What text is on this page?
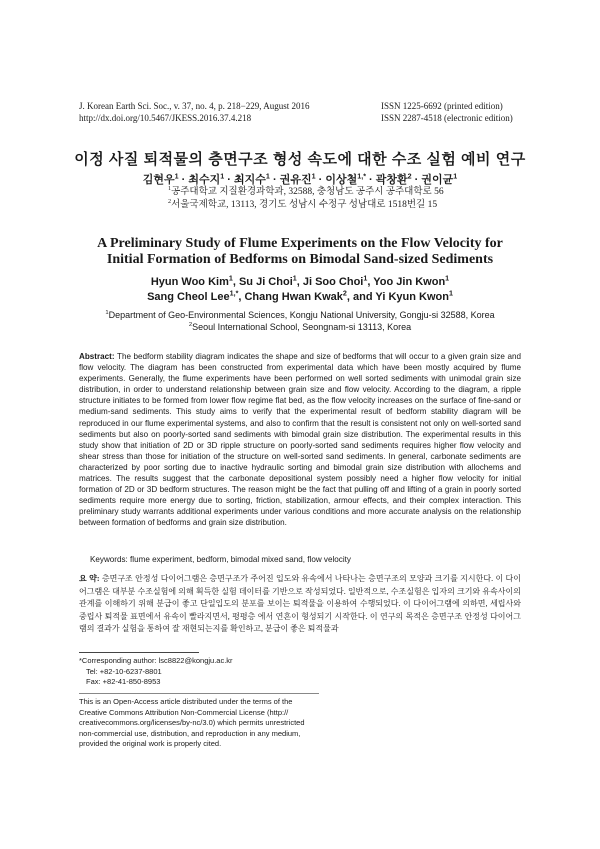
J. Korean Earth Sci. Soc., v. 37, no. 4, p. 218−229, August 2016
http://dx.doi.org/10.5467/JKESS.2016.37.4.218
ISSN 1225-6692 (printed edition)
ISSN 2287-4518 (electronic edition)
이정 사질 퇴적물의 층면구조 형성 속도에 대한 수조 실험 예비 연구
김현우$^1$ · 최수지$^1$ · 최지수$^1$ · 권유진$^1$ · 이상철$^{1,*}$ · 곽창환$^2$ · 권이균$^1$
$^1$공주대학교 지질환경과학과, 32588, 충청남도 공주시 공주대학로 56
$^2$서울국제학교, 13113, 경기도 성남시 수정구 성남대로 1518번길 15
A Preliminary Study of Flume Experiments on the Flow Velocity for
Initial Formation of Bedforms on Bimodal Sand-sized Sediments
Hyun Woo Kim$^1$, Su Ji Choi$^1$, Ji Soo Choi$^1$, Yoo Jin Kwon$^1$
Sang Cheol Lee$^{1,*}$, Chang Hwan Kwak$^2$, and Yi Kyun Kwon$^1$
$^1$Department of Geo-Environmental Sciences, Kongju National University, Gongju-si 32588, Korea
$^2$Seoul International School, Seongnam-si 13113, Korea
Abstract: The bedform stability diagram indicates the shape and size of bedforms that will occur to a given grain size and flow velocity. The diagram has been constructed from experimental data which have been mostly acquired by flume experiments. Generally, the flume experiments have been performed on well sorted sediments with unimodal grain size distribution, in order to understand relationship between grain size and flow velocity. According to the diagram, a ripple structure initiates to be formed from lower flow regime flat bed, as the flow velocity increases on the surface of fine-sand or medium-sand sediments. This study aims to verify that the experimental result of bedform stability diagram will be reproduced in our flume experimental systems, and also to confirm that the result is consistent not only on well-sorted sand sediments but also on poorly-sorted sand sediments with bimodal grain size distribution. The experimental results in this study show that initiation of 2D or 3D ripple structure on poorly-sorted sand sediments requires higher flow velocity and shear stress than those for initiation of the structure on well-sorted sand sediments. In general, carbonate sediments are characterized by poor sorting due to inactive hydraulic sorting and bimodal grain size distribution with allochems and matrices. The results suggest that the carbonate depositional system possibly need a higher flow velocity for initial formation of 2D or 3D bedform structures. The reason might be the fact that pulling off and lifting of a grain in poorly sorted sediments require more energy due to sorting, friction, stabilization, armour effects, and their complex interaction. This preliminary study warrants additional experiments under various conditions and more accurate analysis on the relationship between formation of bedforms and grain size distribution.
Keywords: flume experiment, bedform, bimodal mixed sand, flow velocity
요 약: 층면구조 안정성 다이어그램은 층면구조가 주어진 입도와 유속에서 나타나는 층면구조의 모양과 크기를 지시한다. 이 다이어그램은 대부분 수조실험에 의해 획득한 실험 데이터를 기반으로 작성되었다. 일반적으로, 수조실험은 입자의 크기와 유속사이의 관계를 이해하기 위해 분급이 좋고 단일입도의 분포를 보이는 퇴적물을 이용하여 수행되었다. 이 다이어그램에 의하면, 세립사와 중립사 퇴적물 표면에서 유속이 빨라지면서, 평평층 에서 연흔이 형성되기 시작한다. 이 연구의 목적은 층면구조 안정성 다이어그램의 결과가 실험을 통하여 잘 재현되는지를 확인하고, 분급이 좋은 퇴적물과
*Corresponding author: lsc8822@kongju.ac.kr
Tel: +82-10-6237-8801
Fax: +82-41-850-8953
This is an Open-Access article distributed under the terms of the
Creative Commons Attribution Non-Commercial License (http://
creativecommons.org/licenses/by-nc/3.0) which permits unrestricted
non-commercial use, distribution, and reproduction in any medium,
provided the original work is properly cited.
